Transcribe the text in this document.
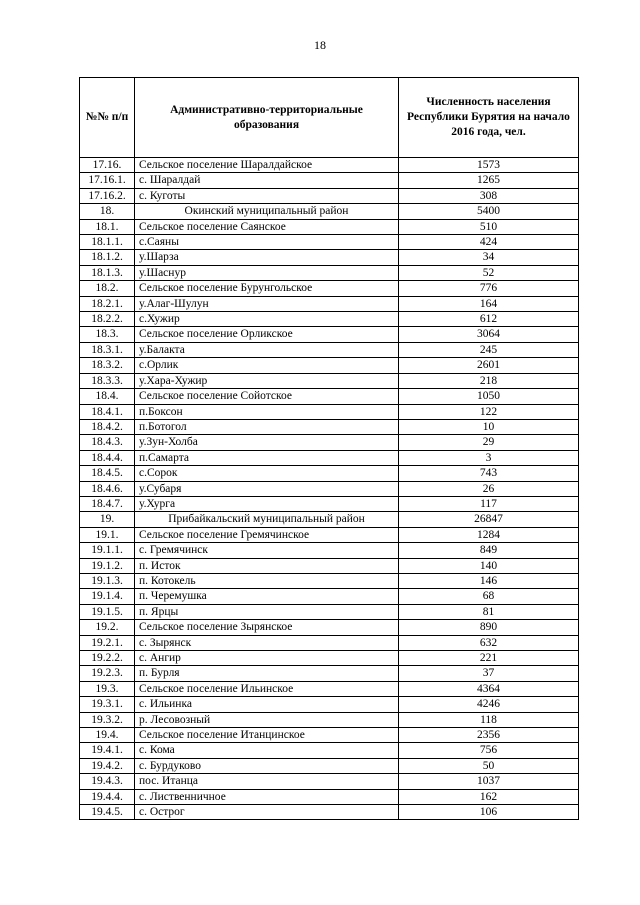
18
№№ п/п	Административно-территориальные образования	Численность населения Республики Бурятия на начало 2016 года, чел.
17.16.	Сельское поселение Шаралдайское	1573
17.16.1.	с. Шаралдай	1265
17.16.2.	с. Куготы	308
18.	Окинский муниципальный район	5400
18.1.	Сельское поселение Саянское	510
18.1.1.	с.Саяны	424
18.1.2.	у.Шарза	34
18.1.3.	у.Шаснур	52
18.2.	Сельское поселение Бурунгольское	776
18.2.1.	у.Алаг-Шулун	164
18.2.2.	с.Хужир	612
18.3.	Сельское поселение Орликское	3064
18.3.1.	у.Балакта	245
18.3.2.	с.Орлик	2601
18.3.3.	у.Хара-Хужир	218
18.4.	Сельское поселение Сойотское	1050
18.4.1.	п.Боксон	122
18.4.2.	п.Ботогол	10
18.4.3.	у.Зун-Холба	29
18.4.4.	п.Самарта	3
18.4.5.	с.Сорок	743
18.4.6.	у.Субаря	26
18.4.7.	у.Хурга	117
19.	Прибайкальский муниципальный район	26847
19.1.	Сельское поселение Гремячинское	1284
19.1.1.	с. Гремячинск	849
19.1.2.	п. Исток	140
19.1.3.	п. Котокель	146
19.1.4.	п. Черемушка	68
19.1.5.	п. Ярцы	81
19.2.	Сельское поселение Зырянское	890
19.2.1.	с. Зырянск	632
19.2.2.	с. Ангир	221
19.2.3.	п. Бурля	37
19.3.	Сельское поселение Ильинское	4364
19.3.1.	с. Ильинка	4246
19.3.2.	р. Лесовозный	118
19.4.	Сельское поселение Итанцинское	2356
19.4.1.	с. Кома	756
19.4.2.	с. Бурдуково	50
19.4.3.	пос. Итанца	1037
19.4.4.	с. Лиственничное	162
19.4.5.	с. Острог	106
